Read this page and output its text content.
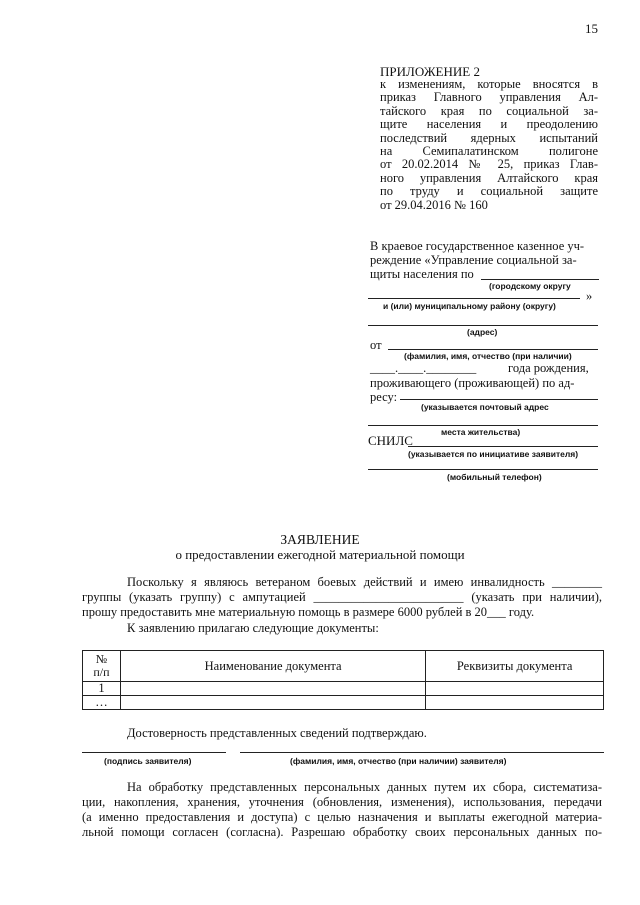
15
ПРИЛОЖЕНИЕ 2
к изменениям, которые вносятся в
приказ Главного управления Ал-
тайского края по социальной за-
щите населения и преодолению
последствий ядерных испытаний
на Семипалатинском полигоне
от 20.02.2014 № 25, приказ Глав-
ного управления Алтайского края
по труду и социальной защите
от 29.04.2016 № 160
В краевое государственное казенное уч-
реждение «Управление социальной за-
щиты населения по
(городскому округу
»
и (или) муниципальному району (округу)
(адрес)
от
(фамилия, имя, отчество (при наличии)
____.____.________	года рождения,
проживающего (проживающей) по ад-
ресу:
(указывается почтовый адрес
места жительства)
СНИЛС
(указывается по инициативе заявителя)
(мобильный телефон)
ЗАЯВЛЕНИЕ
о предоставлении ежегодной материальной помощи
Поскольку я являюсь ветераном боевых действий и имею инвалидность ________
группы (указать группу) с ампутацией ________________________ (указать при наличии),
прошу предоставить мне материальную помощь в размере 6000 рублей в 20___ году.
К заявлению прилагаю следующие документы:
№
п/п	Наименование документа	Реквизиты документа
1		
…		
Достоверность представленных сведений подтверждаю.
(подпись заявителя)	(фамилия, имя, отчество (при наличии) заявителя)
На обработку представленных персональных данных путем их сбора, систематиза-
ции, накопления, хранения, уточнения (обновления, изменения), использования, передачи
(а именно предоставления и доступа) с целью назначения и выплаты ежегодной материа-
льной помощи согласен (согласна). Разрешаю обработку своих персональных данных по-
